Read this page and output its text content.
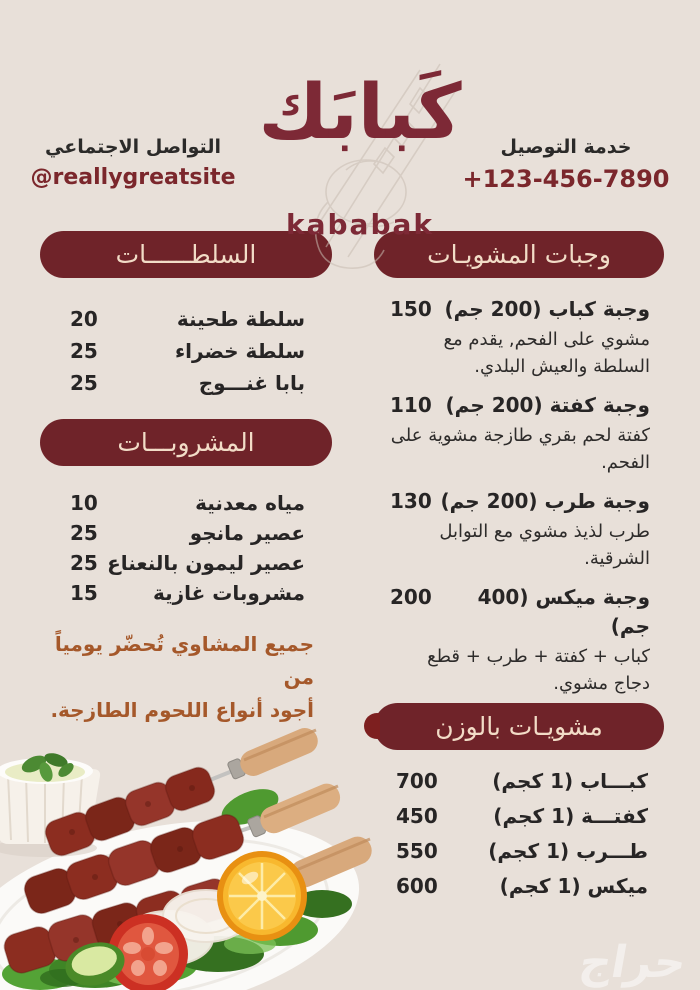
كَبابَك
kababak
التواصل الاجتماعي
@reallygreatsite
خدمة التوصيل
+123-456-7890
السلطــــــات
سلطة طحينة
20
سلطة خضراء
25
بابا غنـــوج
25
المشروبـــات
مياه معدنية
10
عصير مانجو
25
عصير ليمون بالنعناع
25
مشروبات غازية
15
جميع المشاوي تُحضّر يومياً من
أجود أنواع اللحوم الطازجة.
وجبات المشويـات
وجبة كباب (200 جم)
150
مشوي على الفحم, يقدم مع السلطة والعيش البلدي.
وجبة كفتة (200 جم)
110
كفتة لحم بقري طازجة مشوية على الفحم.
وجبة طرب (200 جم)
130
طرب لذيذ مشوي مع التوابل الشرقية.
وجبة ميكس (400 جم)
200
كباب + كفتة + طرب + قطع دجاج مشوي.
مشويـات بالوزن
كبـــاب (1 كجم)
700
كفتـــة (1 كجم)
450
طـــرب (1 كجم)
550
ميكس (1 كجم)
600
حراج
